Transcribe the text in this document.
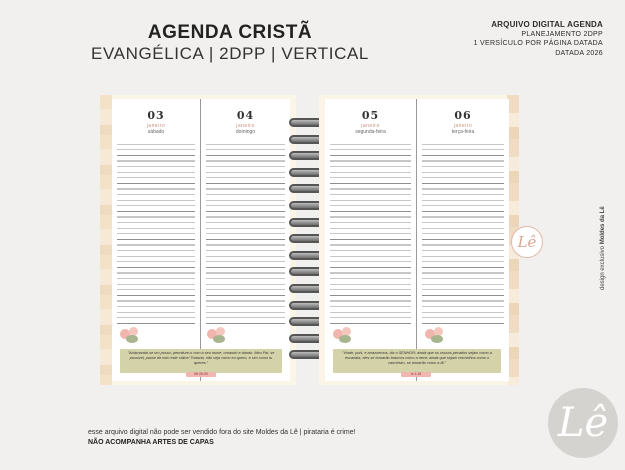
AGENDA CRISTÃ
EVANGÉLICA | 2DPP | VERTICAL
ARQUIVO DIGITAL AGENDA
PLANEJAMENTO 2DPP
1 VERSÍCULO POR PÁGINA DATADA
DATADA 2026
03
janeiro
sábado
04
janeiro
domingo
"Aclamando-se um posso, permiture-o com a seu nome, ornando e dando. Meu Pai, se possível, passe de mim este cálice! Todavia, não seja como eu quero, e sim como tu queres."
Mt 26:39
05
janeiro
segunda-feira
06
janeiro
terça-feira
"Vinde, pois, e arrazoemos, diz o SENHOR; ainda que os vossos pecados sejam como a escarlata, eles se tornarão brancos como a neve; ainda que sejam vermelhos como o carmesim, se tornarão como a lã."
Is 1:18
Lê
design exclusivo Moldes da Lê
Lê
esse arquivo digital não pode ser vendido fora do site Moldes da Lê | pirataria é crime!
NÃO ACOMPANHA ARTES DE CAPAS
